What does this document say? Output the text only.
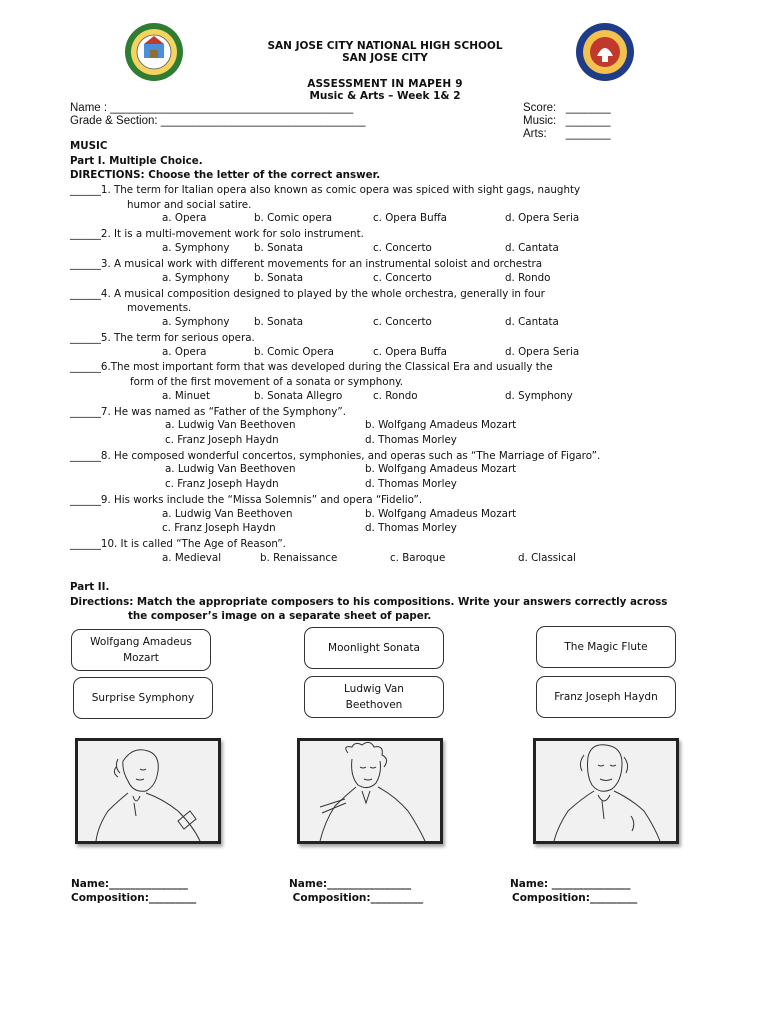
SAN JOSE CITY NATIONAL HIGH SCHOOL
SAN JOSE CITY
ASSESSMENT IN MAPEH 9
Music & Arts – Week 1& 2
Name : ______________________________________
Grade & Section: ________________________________
Score:   _______
Music:   _______
Arts:      _______
MUSIC
Part I. Multiple Choice.
DIRECTIONS: Choose the letter of the correct answer.
______1. The term for Italian opera also known as comic opera was spiced with sight gags, naughty
humor and social satire.
a. Opera	b. Comic opera	c. Opera Buffa	d. Opera Seria
______2. It is a multi-movement work for solo instrument.
a. Symphony b. Sonata	c. Concerto	d. Cantata
______3. A musical work with different movements for an instrumental soloist and orchestra
a. Symphony b. Sonata	c. Concerto	d. Rondo
______4. A musical composition designed to played by the whole orchestra, generally in four
movements.
a. Symphony b. Sonata	c. Concerto	d. Cantata
______5. The term for serious opera.
a. Opera	b. Comic Opera	c. Opera Buffa	d. Opera Seria
______6.The most important form that was developed during the Classical Era and usually the
form of the first movement of a sonata or symphony.
a. Minuet	b. Sonata Allegro	c. Rondo	d. Symphony
______7. He was named as “Father of the Symphony”.
a. Ludwig Van Beethoven	b. Wolfgang Amadeus Mozart
c. Franz Joseph Haydn	d. Thomas Morley
______8. He composed wonderful concertos, symphonies, and operas such as “The Marriage of Figaro”.
a. Ludwig Van Beethoven	b. Wolfgang Amadeus Mozart
c. Franz Joseph Haydn	d. Thomas Morley
______9. His works include the “Missa Solemnis” and opera “Fidelio”.
a. Ludwig Van Beethoven	b. Wolfgang Amadeus Mozart
c. Franz Joseph Haydn	d. Thomas Morley
______10. It is called “The Age of Reason”.
a. Medieval	b. Renaissance	c. Baroque	d. Classical
Part II.
Directions: Match the appropriate composers to his compositions. Write your answers correctly across
the composer’s image on a separate sheet of paper.
Wolfgang Amadeus
Mozart
Moonlight Sonata	The Magic Flute
Surprise Symphony
Ludwig Van
Beethoven
Franz Joseph Haydn
Name:_______________
Composition:_________
Name:________________
Composition:__________
Name: _______________
Composition:_________
